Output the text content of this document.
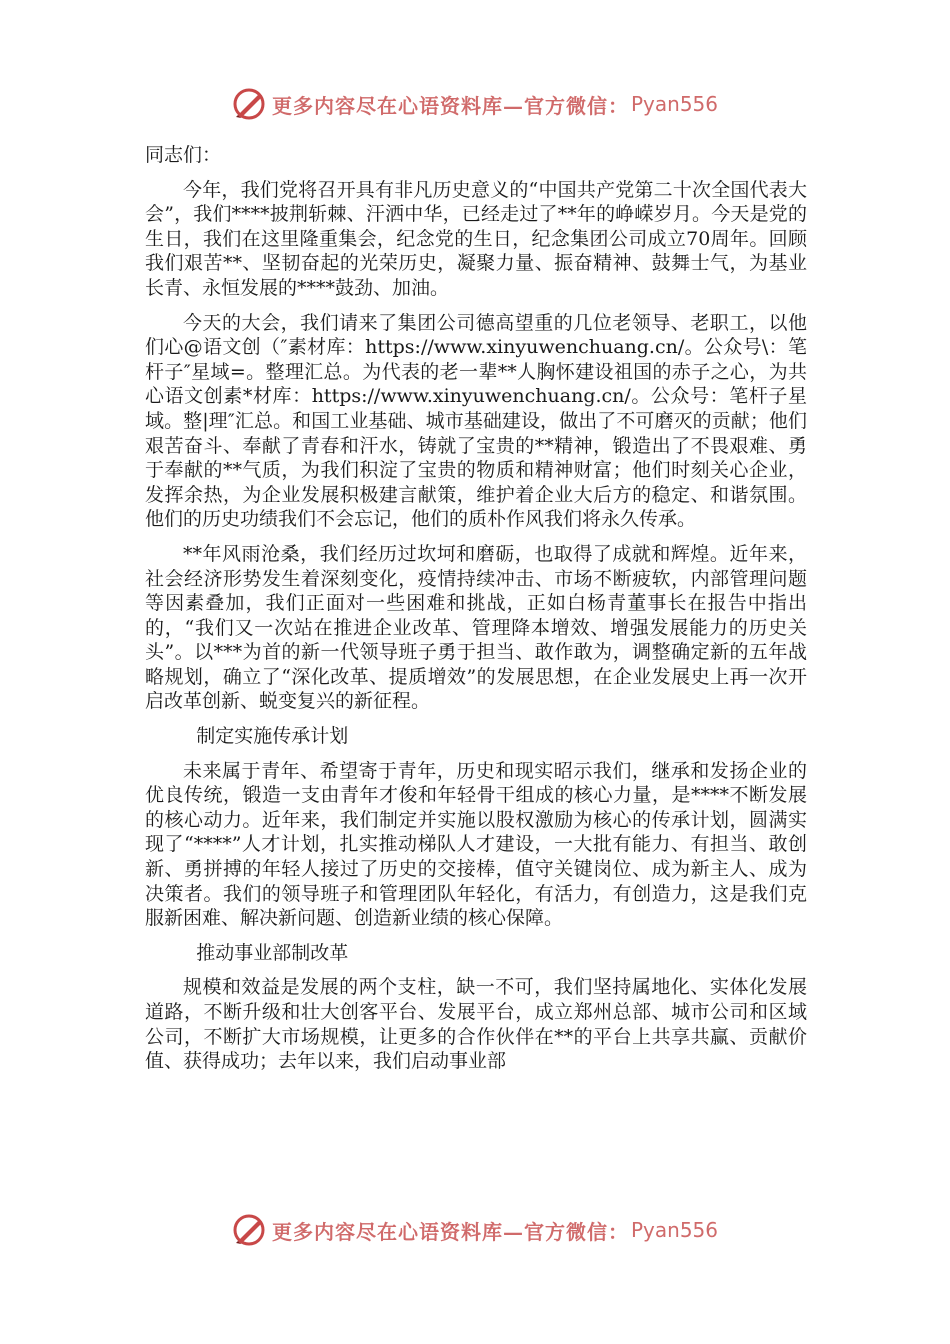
更多内容尽在心语资料库—官方微信： Pyan556

同志们：

今年，我们党将召开具有非凡历史意义的“中国共产党第二十次全国代表大会”，我们****披荆斩棘、汗洒中华，已经走过了**年的峥嵘岁月。今天是党的生日，我们在这里隆重集会，纪念党的生日，纪念集团公司成立70周年。回顾我们艰苦**、坚韧奋起的光荣历史，凝聚力量、振奋精神、鼓舞士气，为基业长青、永恒发展的****鼓劲、加油。

今天的大会，我们请来了集团公司德高望重的几位老领导、老职工，以他们心@语文创（″素材库：https://www.xinyuwenchuang.cn/。公众号\：笔杆子″星域=。整理汇总。为代表的老一辈**人胸怀建设祖国的赤子之心，为共心语文创素*材库：https://www.xinyuwenchuang.cn/。公众号：笔杆子星域。整|理″汇总。和国工业基础、城市基础建设，做出了不可磨灭的贡献；他们艰苦奋斗、奉献了青春和汗水，铸就了宝贵的**精神，锻造出了不畏艰难、勇于奉献的**气质，为我们积淀了宝贵的物质和精神财富；他们时刻关心企业，发挥余热，为企业发展积极建言献策，维护着企业大后方的稳定、和谐氛围。他们的历史功绩我们不会忘记，他们的质朴作风我们将永久传承。

**年风雨沧桑，我们经历过坎坷和磨砺，也取得了成就和辉煌。近年来，社会经济形势发生着深刻变化，疫情持续冲击、市场不断疲软，内部管理问题等因素叠加，我们正面对一些困难和挑战，正如白杨青董事长在报告中指出的，“我们又一次站在推进企业改革、管理降本增效、增强发展能力的历史关头”。以***为首的新一代领导班子勇于担当、敢作敢为，调整确定新的五年战略规划，确立了“深化改革、提质增效”的发展思想，在企业发展史上再一次开启改革创新、蜕变复兴的新征程。

制定实施传承计划

未来属于青年、希望寄于青年，历史和现实昭示我们，继承和发扬企业的优良传统，锻造一支由青年才俊和年轻骨干组成的核心力量，是****不断发展的核心动力。近年来，我们制定并实施以股权激励为核心的传承计划，圆满实现了“****”人才计划，扎实推动梯队人才建设，一大批有能力、有担当、敢创新、勇拼搏的年轻人接过了历史的交接棒，值守关键岗位、成为新主人、成为决策者。我们的领导班子和管理团队年轻化，有活力，有创造力，这是我们克服新困难、解决新问题、创造新业绩的核心保障。

推动事业部制改革

规模和效益是发展的两个支柱，缺一不可，我们坚持属地化、实体化发展道路，不断升级和壮大创客平台、发展平台，成立郑州总部、城市公司和区域公司，不断扩大市场规模，让更多的合作伙伴在**的平台上共享共赢、贡献价值、获得成功；去年以来，我们启动事业部

更多内容尽在心语资料库—官方微信： Pyan556
